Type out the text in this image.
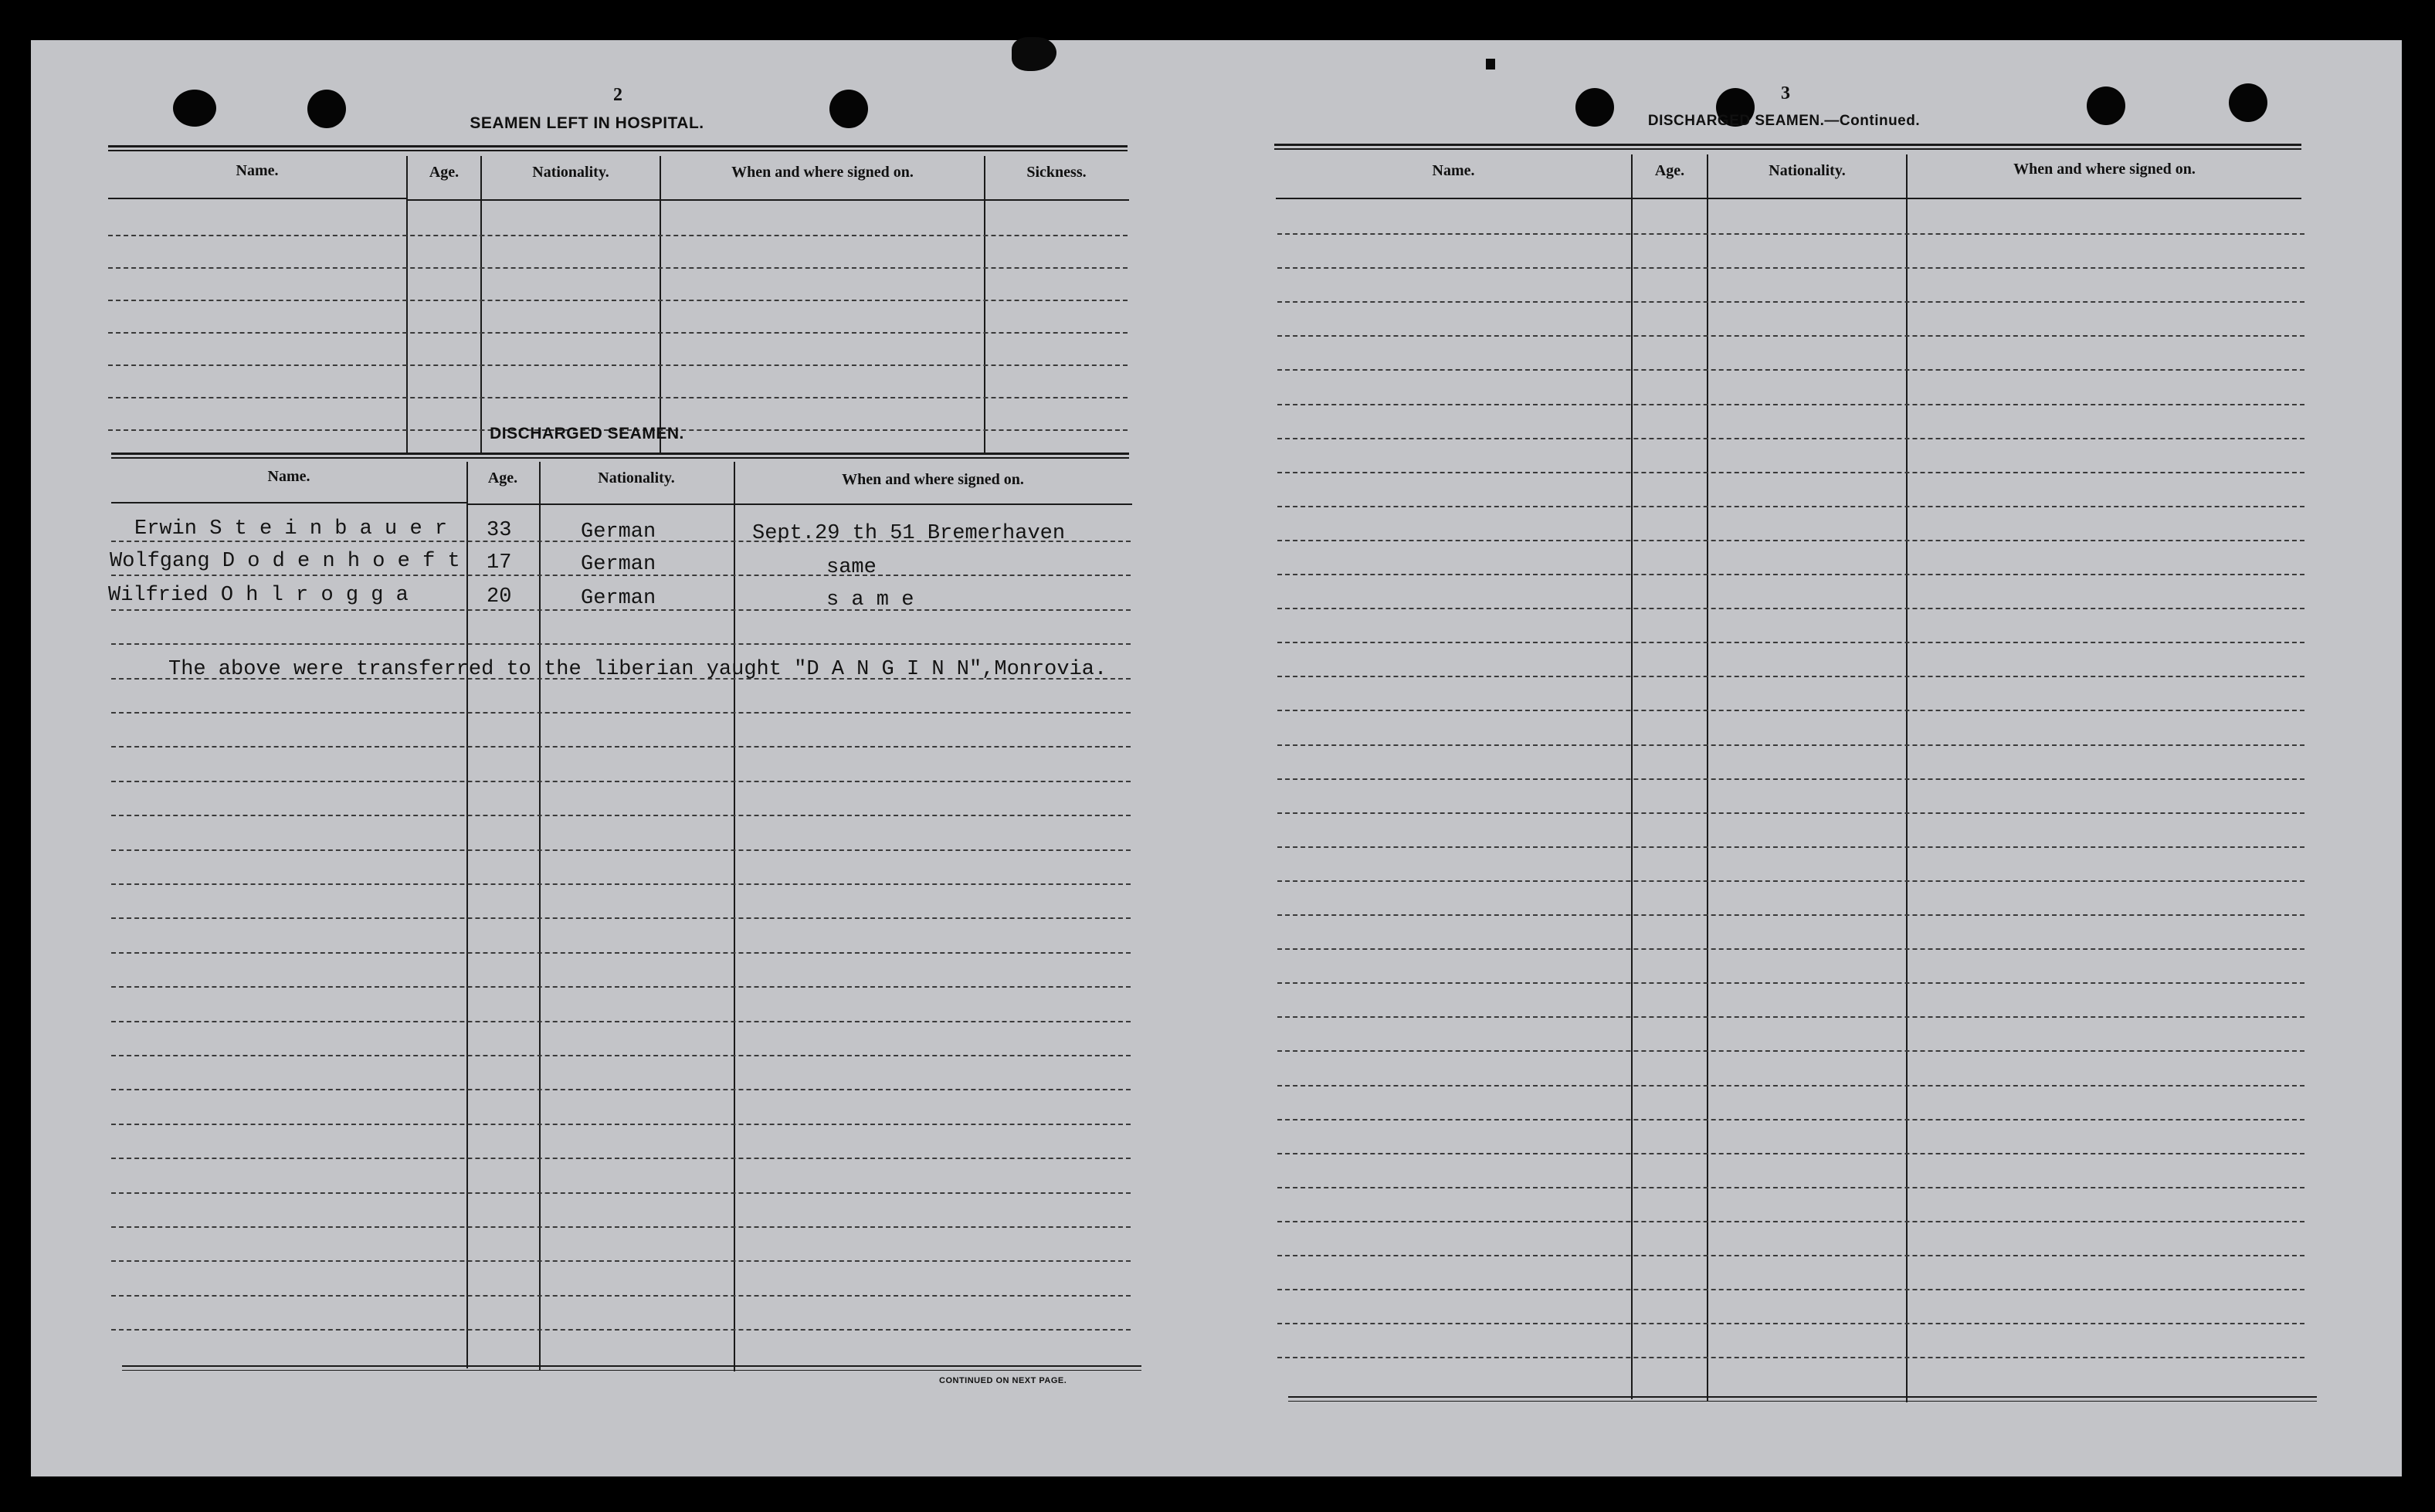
2
SEAMEN LEFT IN HOSPITAL.
Name.	Age.	Nationality.	When and where signed on.	Sickness.
DISCHARGED SEAMEN.
Name.	Age.	Nationality.	When and where signed on.
Erwin S t e i n b a u e r 33	German	Sept.29 th 51 Bremerhaven
Wolfgang D o d e n h o e f t 17	German	same
Wilfried O h l r o g g a	20	German	s a m e
The above were transferred to the liberian yaught "D A N G I N N",Monrovia.
CONTINUED ON NEXT PAGE.
3
DISCHARGED SEAMEN.—Continued.
Name.	Age.	Nationality.	When and where signed on.
